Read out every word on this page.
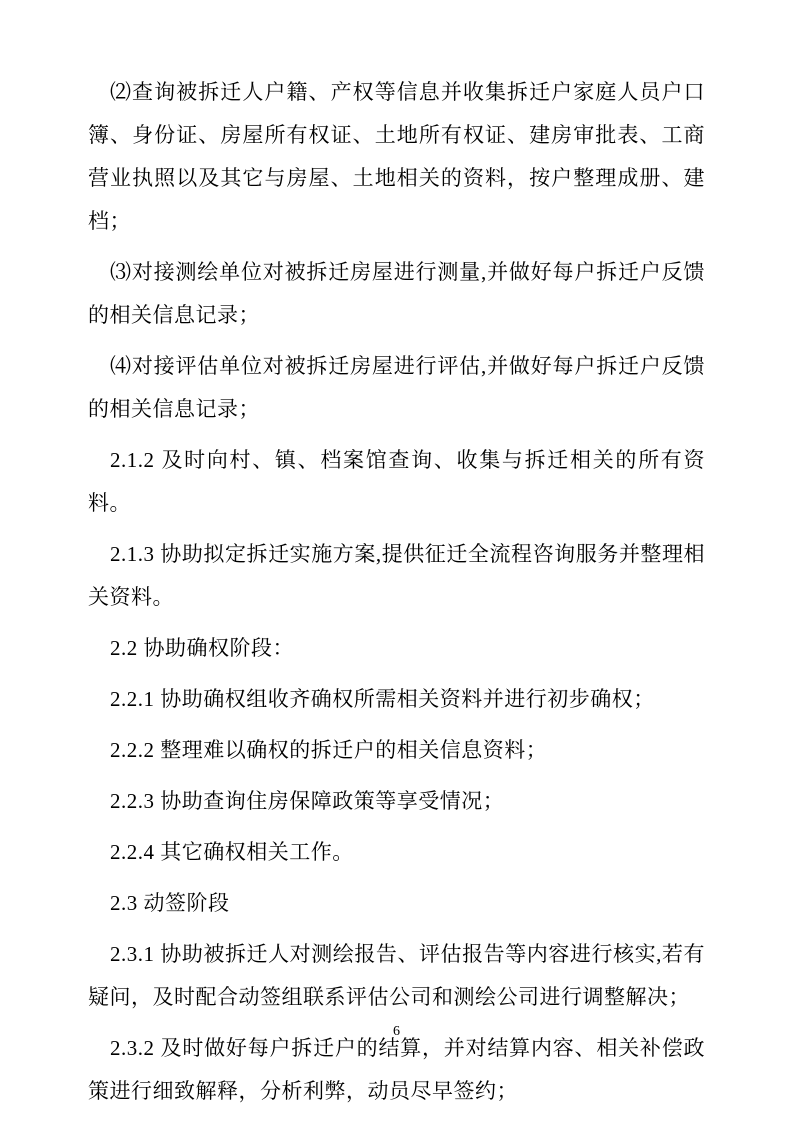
⑵查询被拆迁人户籍、产权等信息并收集拆迁户家庭人员户口簿、身份证、房屋所有权证、土地所有权证、建房审批表、工商营业执照以及其它与房屋、土地相关的资料，按户整理成册、建档；

⑶对接测绘单位对被拆迁房屋进行测量,并做好每户拆迁户反馈的相关信息记录；

⑷对接评估单位对被拆迁房屋进行评估,并做好每户拆迁户反馈的相关信息记录；

2.1.2 及时向村、镇、档案馆查询、收集与拆迁相关的所有资料。

2.1.3 协助拟定拆迁实施方案,提供征迁全流程咨询服务并整理相关资料。

2.2 协助确权阶段：

2.2.1 协助确权组收齐确权所需相关资料并进行初步确权；

2.2.2 整理难以确权的拆迁户的相关信息资料；

2.2.3 协助查询住房保障政策等享受情况；

2.2.4 其它确权相关工作。

2.3 动签阶段

2.3.1 协助被拆迁人对测绘报告、评估报告等内容进行核实,若有疑问，及时配合动签组联系评估公司和测绘公司进行调整解决；

2.3.2 及时做好每户拆迁户的结算，并对结算内容、相关补偿政策进行细致解释，分析利弊，动员尽早签约；

6
